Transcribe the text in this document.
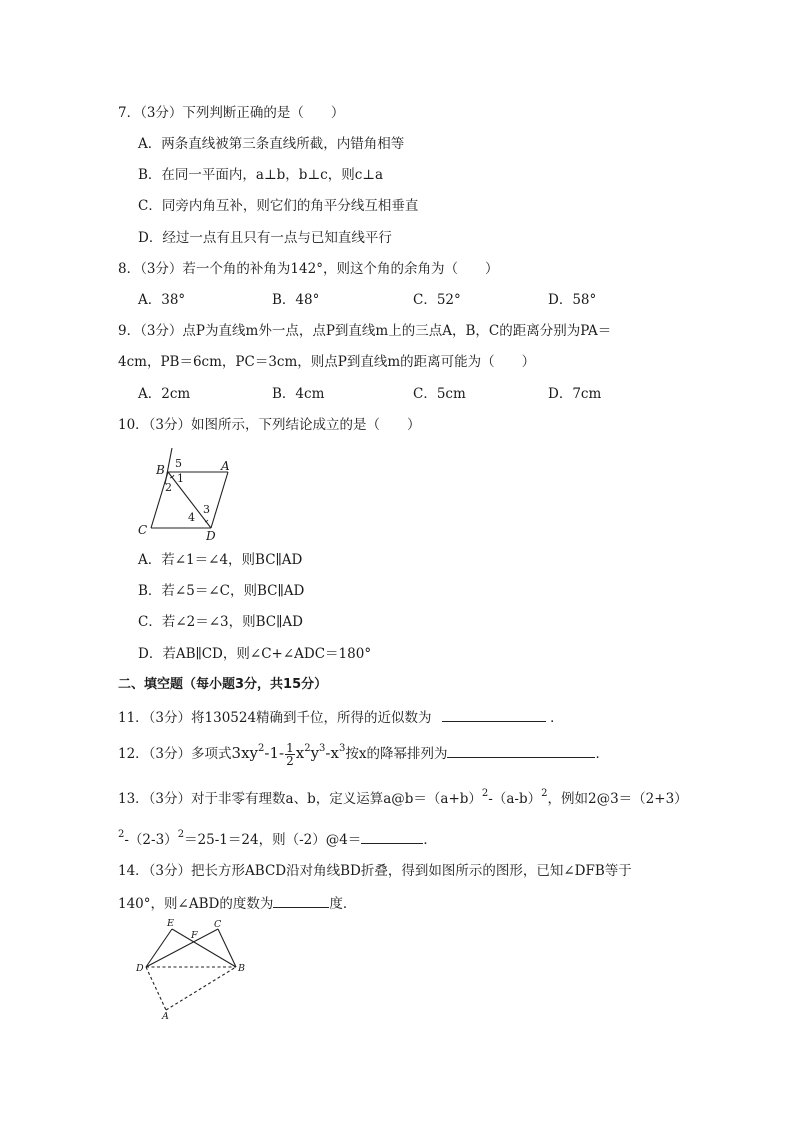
7．（3分）下列判断正确的是（　　）
A．两条直线被第三条直线所截，内错角相等
B．在同一平面内，a⊥b，b⊥c，则c⊥a
C．同旁内角互补，则它们的角平分线互相垂直
D．经过一点有且只有一点与已知直线平行
8．（3分）若一个角的补角为142°，则这个角的余角为（　　）
A．38°	B．48°	C．52°	D．58°
9．（3分）点P为直线m外一点，点P到直线m上的三点A，B，C的距离分别为PA＝
4cm，PB＝6cm，PC＝3cm，则点P到直线m的距离可能为（　　）
A．2cm	B．4cm	C．5cm	D．7cm
10．（3分）如图所示，下列结论成立的是（　　）
B	A
C	D
5
1
2
3
4
A．若∠1＝∠4，则BC∥AD
B．若∠5＝∠C，则BC∥AD
C．若∠2＝∠3，则BC∥AD
D．若AB∥CD，则∠C+∠ADC＝180°
二、填空题（每小题3分，共15分）
11．（3分）将130524精确到千位，所得的近似数为	．
12．（3分）多项式$3xy^2-1- \frac{1}{2} x^2y^3-x^3$按x的降幂排列为	．
13．（3分）对于非零有理数a、b，定义运算$a@b=(a+b)^2-(a-b)^2$，例如2@3＝（2+3）
$^2-(2-3)^2=25-1=24$，则（-2）@4＝	．
14．（3分）把长方形ABCD沿对角线BD折叠，得到如图所示的图形，已知∠DFB等于
140°，则∠ABD的度数为	度．
E
F
C
D	B
A
